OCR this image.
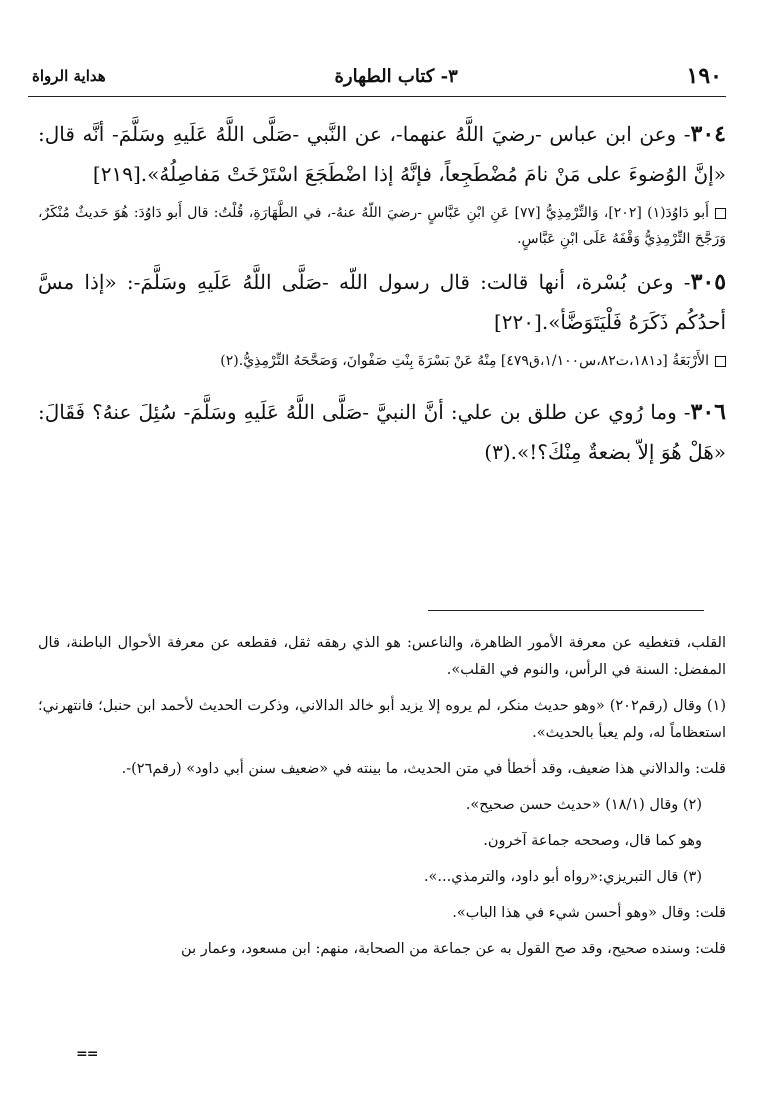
هداية الرواة	٣- كتاب الطهارة	١٩٠

٣٠٤- وعن ابن عباس -رضيَ اللَّهُ عنهما-، عن النَّبي -صَلَّى اللَّهُ عَلَيهِ وسَلَّمَ- أنَّه قال: «إنَّ الوُضوءَ على مَنْ نامَ مُضْطَجِعاً، فإنَّهُ إذا اضْطَجَعَ اسْتَرْخَتْ مَفاصِلُهُ».[٢١٩]

أَبو دَاوُدَ(١) [٢٠٢]، وَالتِّرْمِذِيُّ [٧٧] عَنِ ابْنِ عَبَّاسٍ -رضيَ اللّهُ عنهُ-، في الطَّهَارَةِ، قُلْتُ: قال أَبو دَاوُدَ: هُوَ حَديثٌ مُنْكَرٌ، وَرَجَّحَ التِّرْمِذِيُّ وَقْفَهُ عَلَى ابْنِ عَبَّاسٍ.

٣٠٥- وعن بُسْرة، أنها قالت: قال رسول اللّه -صَلَّى اللَّهُ عَلَيهِ وسَلَّمَ-: «إذا مسَّ أحدُكُم ذَكَرَهُ فَلْيَتَوَضَّأ».[٢٢٠]

الأَرْبَعَةُ [د١٨١،ت٨٢،س١/١٠٠،ق٤٧٩] مِنْهُ عَنْ بَسْرَةَ بِنْتِ صَفْوانَ، وَصَحَّحَهُ التِّرْمِذِيُّ.(٢)

٣٠٦- وما رُوي عن طلق بن علي: أنَّ النبيَّ -صَلَّى اللَّهُ عَلَيهِ وسَلَّمَ- سُئِلَ عنهُ؟ فَقَالَ: «هَلْ هُوَ إلاّ بضعةٌ مِنْكَ؟!».(٣)

القلب، فتغطيه عن معرفة الأمور الظاهرة، والناعس: هو الذي رهقه ثقل، فقطعه عن معرفة الأحوال الباطنة، قال المفضل: السنة في الرأس، والنوم في القلب».

(١) وقال (رقم٢٠٢) «وهو حديث منكر، لم يروه إلا يزيد أبو خالد الدالاني، وذكرت الحديث لأحمد ابن حنبل؛ فانتهرني؛ استعظاماً له، ولم يعبأ بالحديث».

قلت: والدالاني هذا ضعيف، وقد أخطأ في متن الحديث، ما بينته في «ضعيف سنن أبي داود» (رقم٢٦)-.

(٢) وقال (١٨/١) «حديث حسن صحيح».

وهو كما قال، وصححه جماعة آخرون.

(٣) قال التبريزي:«رواه أبو داود، والترمذي...».

قلت: وقال «وهو أحسن شيء في هذا الباب».

قلت: وسنده صحيح، وقد صح القول به عن جماعة من الصحابة، منهم: ابن مسعود، وعمار بن

==
